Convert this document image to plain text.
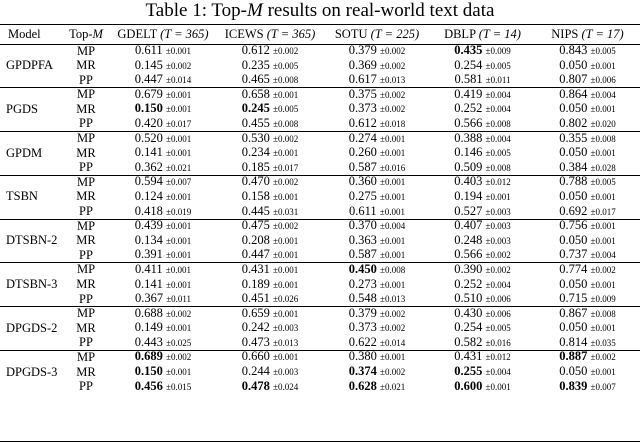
Table 1: Top-M results on real-world text data
Model	Top-M	GDELT (T = 365)	ICEWS (T = 365)	SOTU (T = 225)	DBLP (T = 14)	NIPS (T = 17)
GPDPFA	MP	0.611 ±0.001	0.612 ±0.002	0.379 ±0.002	0.435 ±0.009	0.843 ±0.005
	MR	0.145 ±0.002	0.235 ±0.005	0.369 ±0.002	0.254 ±0.005	0.050 ±0.001
	PP	0.447 ±0.014	0.465 ±0.008	0.617 ±0.013	0.581 ±0.011	0.807 ±0.006
PGDS	MP	0.679 ±0.001	0.658 ±0.001	0.375 ±0.002	0.419 ±0.004	0.864 ±0.004
	MR	0.150 ±0.001	0.245 ±0.005	0.373 ±0.002	0.252 ±0.004	0.050 ±0.001
	PP	0.420 ±0.017	0.455 ±0.008	0.612 ±0.018	0.566 ±0.008	0.802 ±0.020
GPDM	MP	0.520 ±0.001	0.530 ±0.002	0.274 ±0.001	0.388 ±0.004	0.355 ±0.008
	MR	0.141 ±0.001	0.234 ±0.001	0.260 ±0.001	0.146 ±0.005	0.050 ±0.001
	PP	0.362 ±0.021	0.185 ±0.017	0.587 ±0.016	0.509 ±0.008	0.384 ±0.028
TSBN	MP	0.594 ±0.007	0.470 ±0.002	0.360 ±0.001	0.403 ±0.012	0.788 ±0.005
	MR	0.124 ±0.001	0.158 ±0.001	0.275 ±0.001	0.194 ±0.001	0.050 ±0.001
	PP	0.418 ±0.019	0.445 ±0.031	0.611 ±0.001	0.527 ±0.003	0.692 ±0.017
DTSBN-2	MP	0.439 ±0.001	0.475 ±0.002	0.370 ±0.004	0.407 ±0.003	0.756 ±0.001
	MR	0.134 ±0.001	0.208 ±0.001	0.363 ±0.001	0.248 ±0.003	0.050 ±0.001
	PP	0.391 ±0.001	0.447 ±0.001	0.587 ±0.001	0.566 ±0.002	0.737 ±0.004
DTSBN-3	MP	0.411 ±0.001	0.431 ±0.001	0.450 ±0.008	0.390 ±0.002	0.774 ±0.002
	MR	0.141 ±0.001	0.189 ±0.001	0.273 ±0.001	0.252 ±0.004	0.050 ±0.001
	PP	0.367 ±0.011	0.451 ±0.026	0.548 ±0.013	0.510 ±0.006	0.715 ±0.009
DPGDS-2	MP	0.688 ±0.002	0.659 ±0.001	0.379 ±0.002	0.430 ±0.006	0.867 ±0.008
	MR	0.149 ±0.001	0.242 ±0.003	0.373 ±0.002	0.254 ±0.005	0.050 ±0.001
	PP	0.443 ±0.025	0.473 ±0.013	0.622 ±0.014	0.582 ±0.016	0.814 ±0.035
DPGDS-3	MP	0.689 ±0.002	0.660 ±0.001	0.380 ±0.001	0.431 ±0.012	0.887 ±0.002
	MR	0.150 ±0.001	0.244 ±0.003	0.374 ±0.002	0.255 ±0.004	0.050 ±0.001
	PP	0.456 ±0.015	0.478 ±0.024	0.628 ±0.021	0.600 ±0.001	0.839 ±0.007
